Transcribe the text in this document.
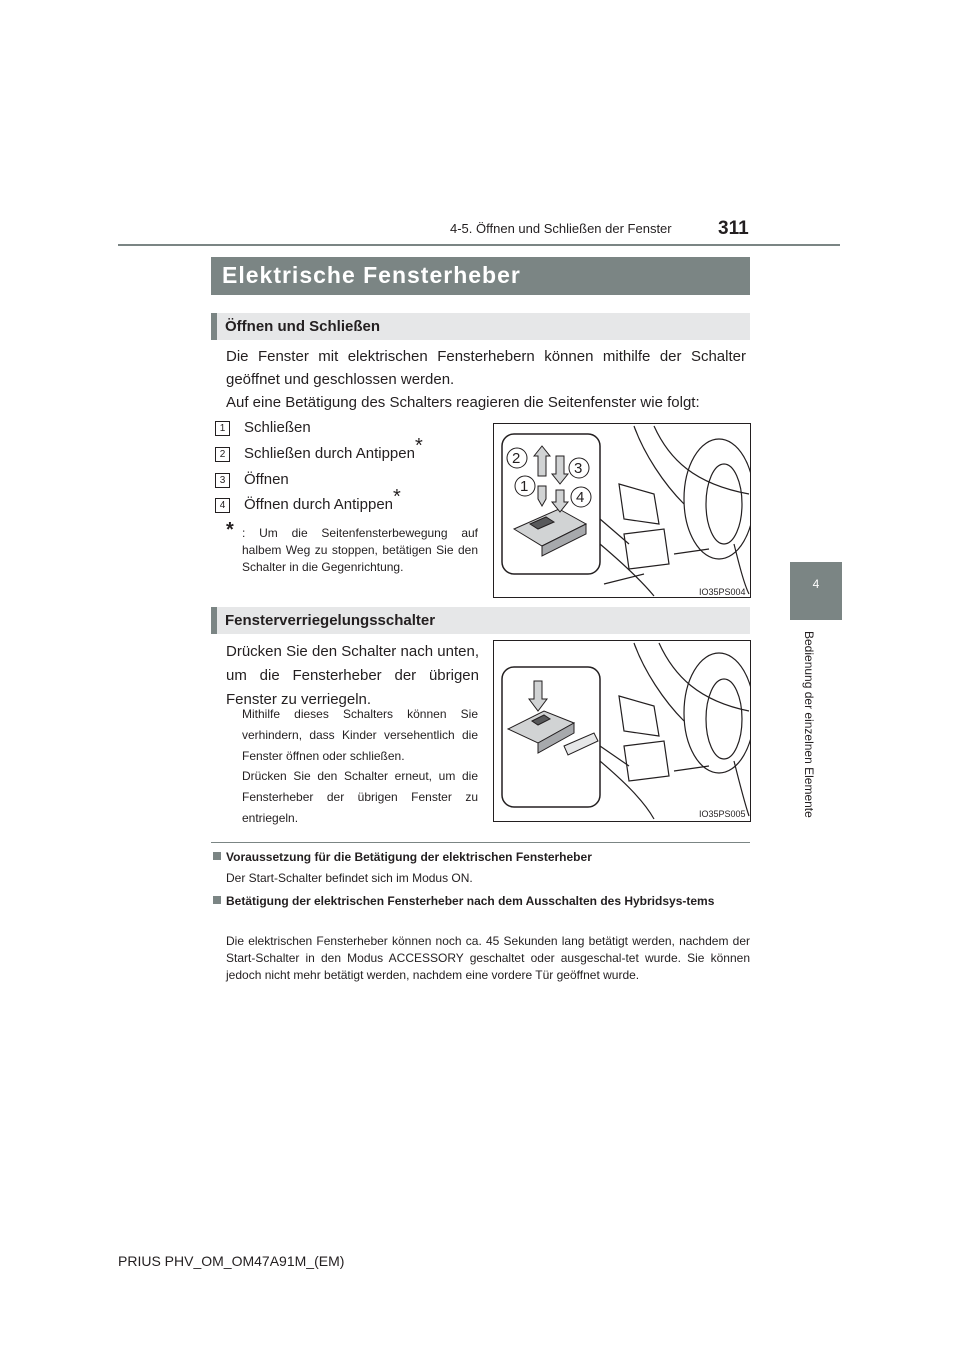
4-5. Öffnen und Schließen der Fenster 311
4
Bedienung der einzelnen Elemente
Elektrische Fensterheber
Öffnen und Schließen
Die Fenster mit elektrischen Fensterhebern können mithilfe der Schalter geöffnet und geschlossen werden.
Auf eine Betätigung des Schalters reagieren die Seitenfenster wie folgt:
1 Schließen
2 Schließen durch Antippen*
3 Öffnen
4 Öffnen durch Antippen*
* : Um die Seitenfensterbewegung auf halbem Weg zu stoppen, betätigen Sie den Schalter in die Gegenrichtung.
2
3
1
4
IO35PS004
Fensterverriegelungsschalter
Drücken Sie den Schalter nach unten, um die Fensterheber der übrigen Fenster zu verriegeln.
Mithilfe dieses Schalters können Sie verhindern, dass Kinder versehentlich die Fenster öffnen oder schließen.
Drücken Sie den Schalter erneut, um die Fensterheber der übrigen Fenster zu entriegeln.	IO35PS005
Voraussetzung für die Betätigung der elektrischen Fensterheber
Der Start-Schalter befindet sich im Modus ON.
Betätigung der elektrischen Fensterheber nach dem Ausschalten des Hybridsys-tems
Die elektrischen Fensterheber können noch ca. 45 Sekunden lang betätigt werden, nachdem der Start-Schalter in den Modus ACCESSORY geschaltet oder ausgeschal-tet wurde. Sie können jedoch nicht mehr betätigt werden, nachdem eine vordere Tür geöffnet wurde.
PRIUS PHV_OM_OM47A91M_(EM)
